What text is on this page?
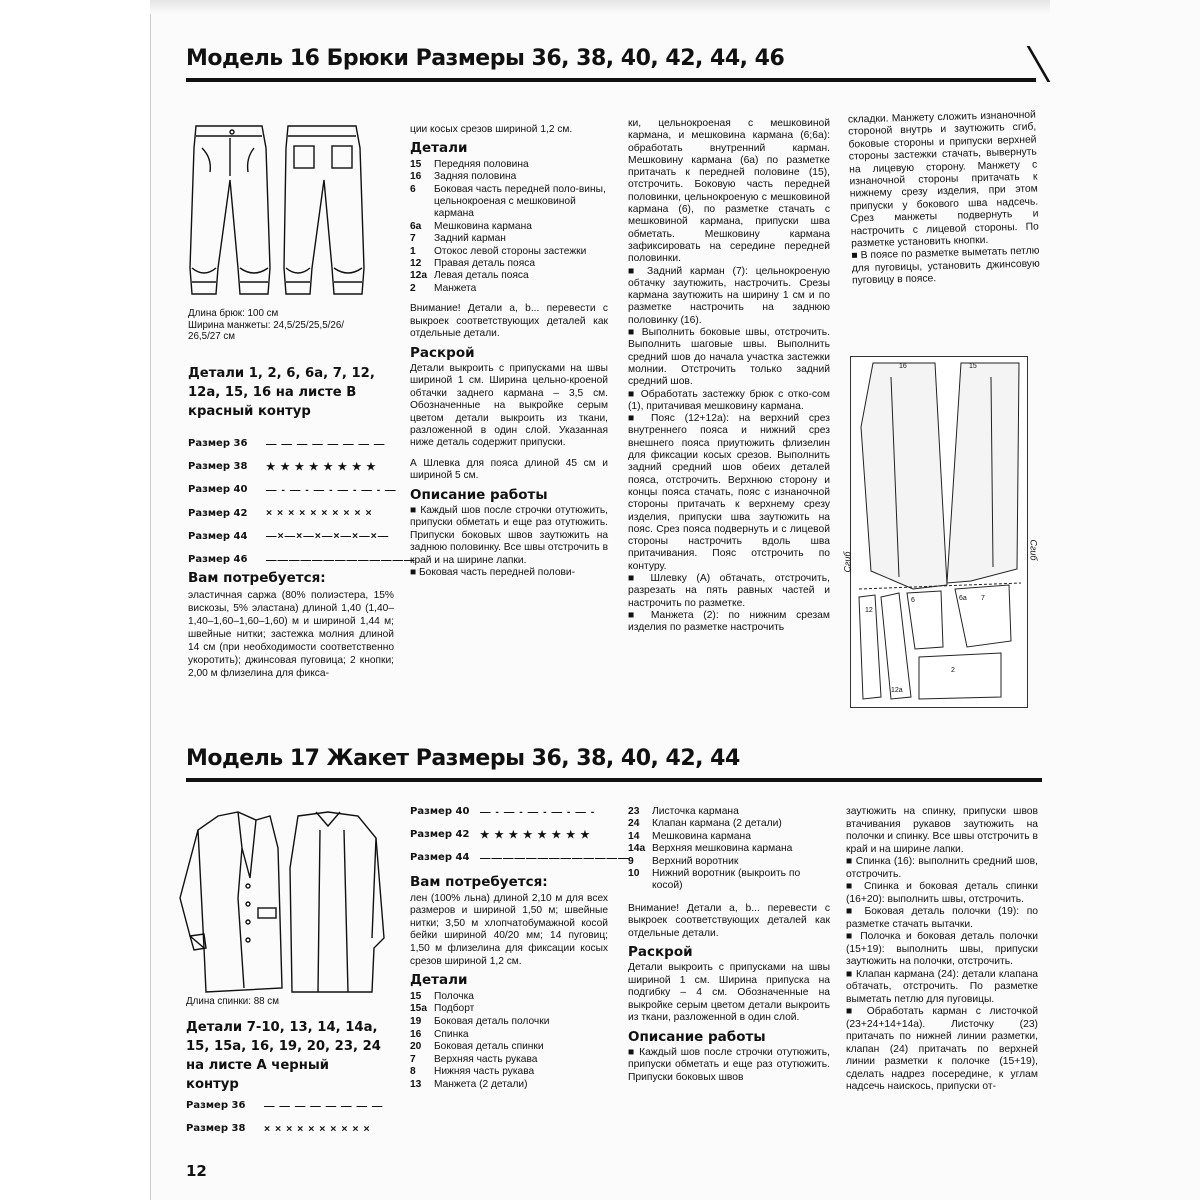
Модель 16 Брюки Размеры 36, 38, 40, 42, 44, 46
Длина брюк: 100 см
Ширина манжеты: 24,5/25/25,5/26/
26,5/27 см
Детали 1, 2, 6, 6а, 7, 12, 12а, 15, 16 на листе В красный контур
Размер 36	— — — — — — — —
Размер 38	★ ★ ★ ★ ★ ★ ★ ★
Размер 40	— - — - — - — - — - —
Размер 42	× × × × × × × × × ×
Размер 44	—×—×—×—×—×—×—
Размер 46	—————————————
Вам потребуется:

эластичная саржа (80% полиэстера, 15% вискозы, 5% эластана) длиной 1,40 (1,40–1,40–1,60–1,60–1,60) м и шириной 1,44 м; швейные нитки; застежка молния длиной 14 см (при необходимости соответственно укоротить); джинсовая пуговица; 2 кнопки; 2,00 м флизелина для фикса-

ции косых срезов шириной 1,2 см.

Детали
15	Передняя половина
16	Задняя половина
6	Боковая часть передней поло-вины, цельнокроеная с мешковиной кармана
6а	Мешковина кармана
7	Задний карман
1	Отокос левой стороны застежки
12	Правая деталь пояса
12а Левая деталь пояса
2	Манжета

Внимание! Детали a, b... перевести с выкроек соответствующих деталей как отдельные детали.

Раскрой

Детали выкроить с припусками на швы шириной 1 см. Ширина цельно-кроеной обтачки заднего кармана – 3,5 см. Обозначенные на выкройке серым цветом детали выкроить из ткани, разложенной в один слой. Указанная ниже деталь содержит припуски.

А Шлевка для пояса длиной 45 см и шириной 5 см.

Описание работы

■ Каждый шов после строчки отутюжить, припуски обметать и еще раз отутюжить. Припуски боковых швов заутюжить на заднюю половинку. Все швы отстрочить в край и на ширине лапки.
■ Боковая часть передней полови-

ки, цельнокроеная с мешковиной кармана, и мешковина кармана (6;6а): обработать внутренний карман. Мешковину кармана (6а) по разметке притачать к передней половине (15), отстрочить. Боковую часть передней половинки, цельнокроеную с мешковиной кармана (6), по разметке стачать с мешковиной кармана, припуски шва обметать. Мешковину кармана зафиксировать на середине передней половинки.
■ Задний карман (7): цельнокроеную обтачку заутюжить, настрочить. Срезы кармана заутюжить на ширину 1 см и по разметке настрочить на заднюю половинку (16).
■ Выполнить боковые швы, отстрочить. Выполнить шаговые швы. Выполнить средний шов до начала участка застежки молнии. Отстрочить только задний средний шов.
■ Обработать застежку брюк с отко-сом (1), притачивая мешковину кармана.
■ Пояс (12+12а): на верхний срез внутреннего пояса и нижний срез внешнего пояса приутюжить флизелин для фиксации косых срезов. Выполнить задний средний шов обеих деталей пояса, отстрочить. Верхнюю сторону и концы пояса стачать, пояс с изнаночной стороны притачать к верхнему срезу изделия, припуски шва заутюжить на пояс. Срез пояса подвернуть и с лицевой стороны настрочить вдоль шва притачивания. Пояс отстрочить по контуру.
■ Шлевку (А) обтачать, отстрочить, разрезать на пять равных частей и настрочить по разметке.
■ Манжета (2): по нижним срезам изделия по разметке настрочить

складки. Манжету сложить изнаночной стороной внутрь и заутюжить сгиб, боковые стороны и припуски верхней стороны застежки стачать, вывернуть на лицевую сторону. Манжету с изнаночной стороны притачать к нижнему срезу изделия, при этом припуски у бокового шва надсечь. Срез манжеты подвернуть и настрочить с лицевой стороны. По разметке установить кнопки.
■ В поясе по разметке выметать петлю для пуговицы, установить джинсовую пуговицу в поясе.

16	15
Сгиб
Сгиб
6	6а 7
12
12а
2
Модель 17 Жакет Размеры 36, 38, 40, 42, 44
Длина спинки: 88 см
Детали 7-10, 13, 14, 14а, 15, 15а, 16, 19, 20, 23, 24 на листе А черный контур
Размер 36	— — — — — — — —
Размер 38	× × × × × × × × × ×
Размер 40	— - — - — - — - — -
Размер 42	★ ★ ★ ★ ★ ★ ★ ★
Размер 44	—————————————
Вам потребуется:

лен (100% льна) длиной 2,10 м для всех размеров и шириной 1,50 м; швейные нитки; 3,50 м хлопчатобумажной косой бейки шириной 40/20 мм; 14 пуговиц; 1,50 м флизелина для фиксации косых срезов шириной 1,2 см.

Детали
15	Полочка
15а Подборт
19	Боковая деталь полочки
16	Спинка
20	Боковая деталь спинки
7	Верхняя часть рукава
8	Нижняя часть рукава
13	Манжета (2 детали)
23	Листочка кармана
24	Клапан кармана (2 детали)
14	Мешковина кармана
14а Верхняя мешковина кармана
9	Верхний воротник
10	Нижний воротник (выкроить по косой)

Внимание! Детали a, b... перевести с выкроек соответствующих деталей как отдельные детали.

Раскрой

Детали выкроить с припусками на швы шириной 1 см. Ширина припуска на подгибку – 4 см. Обозначенные на выкройке серым цветом детали выкроить из ткани, разложенной в один слой.

Описание работы

■ Каждый шов после строчки отутюжить, припуски обметать и еще раз отутюжить. Припуски боковых швов

заутюжить на спинку, припуски швов втачивания рукавов заутюжить на полочки и спинку. Все швы отстрочить в край и на ширине лапки.
■ Спинка (16): выполнить средний шов, отстрочить.
■ Спинка и боковая деталь спинки (16+20): выполнить швы, отстрочить.
■ Боковая деталь полочки (19): по разметке стачать вытачки.
■ Полочка и боковая деталь полочки (15+19): выполнить швы, припуски заутюжить на полочки, отстрочить.
■ Клапан кармана (24): детали клапана обтачать, отстрочить. По разметке выметать петлю для пуговицы.
■ Обработать карман с листочкой (23+24+14+14а). Листочку (23) притачать по нижней линии разметки, клапан (24) притачать по верхней линии разметки к полочке (15+19), сделать надрез посередине, к углам надсечь наискось, припуски от-

12
